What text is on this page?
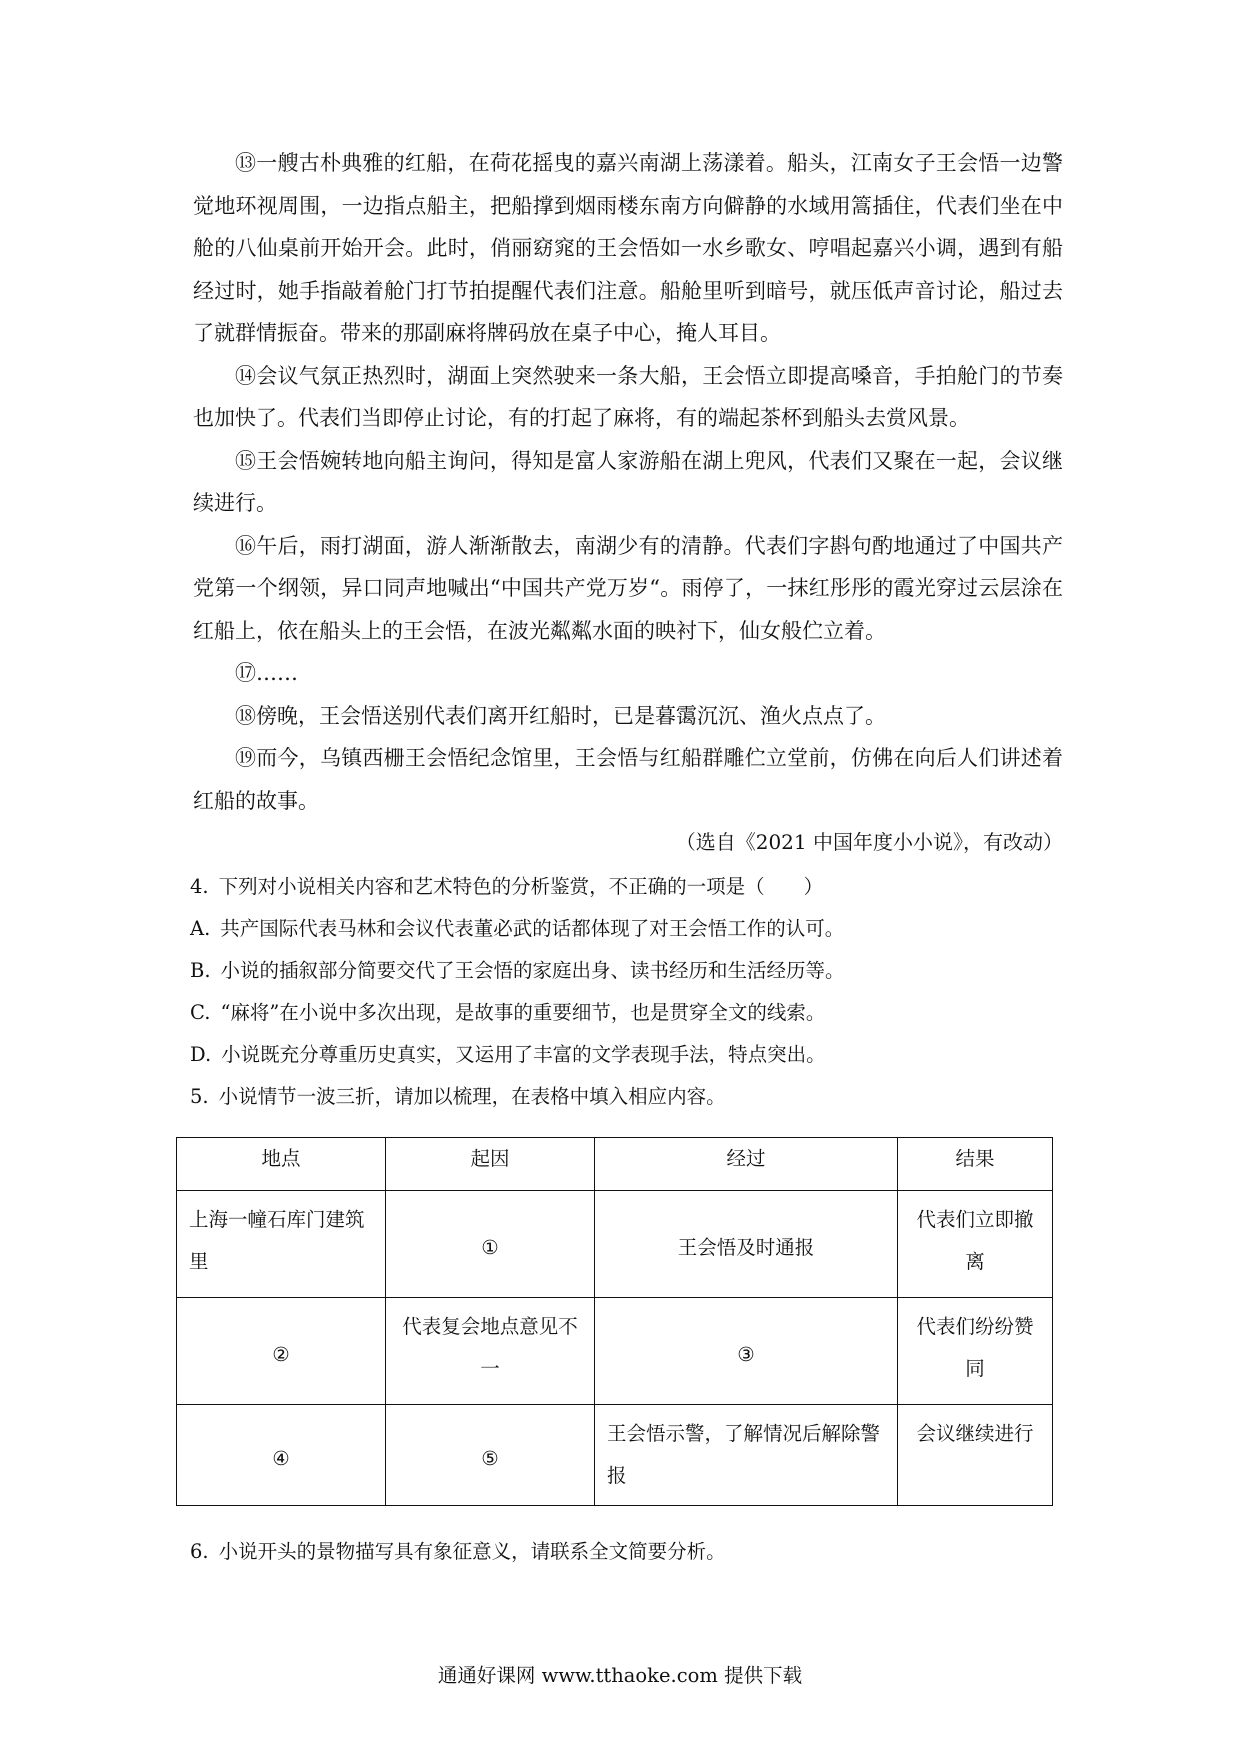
⑬一艘古朴典雅的红船，在荷花摇曳的嘉兴南湖上荡漾着。船头，江南女子王会悟一边警觉地环视周围，一边指点船主，把船撑到烟雨楼东南方向僻静的水域用篙插住，代表们坐在中舱的八仙桌前开始开会。此时，俏丽窈窕的王会悟如一水乡歌女、哼唱起嘉兴小调，遇到有船经过时，她手指敲着舱门打节拍提醒代表们注意。船舱里听到暗号，就压低声音讨论，船过去了就群情振奋。带来的那副麻将牌码放在桌子中心，掩人耳目。

⑭会议气氛正热烈时，湖面上突然驶来一条大船，王会悟立即提高嗓音，手拍舱门的节奏也加快了。代表们当即停止讨论，有的打起了麻将，有的端起茶杯到船头去赏风景。

⑮王会悟婉转地向船主询问，得知是富人家游船在湖上兜风，代表们又聚在一起，会议继续进行。

⑯午后，雨打湖面，游人渐渐散去，南湖少有的清静。代表们字斟句酌地通过了中国共产党第一个纲领，异口同声地喊出“中国共产党万岁“。雨停了，一抹红彤彤的霞光穿过云层涂在红船上，依在船头上的王会悟，在波光粼粼水面的映衬下，仙女般伫立着。

⑰……

⑱傍晚，王会悟送别代表们离开红船时，已是暮霭沉沉、渔火点点了。

⑲而今，乌镇西栅王会悟纪念馆里，王会悟与红船群雕伫立堂前，仿佛在向后人们讲述着红船的故事。

（选自《2021 中国年度小小说》，有改动）

4. 下列对小说相关内容和艺术特色的分析鉴赏，不正确的一项是（　　）

A. 共产国际代表马林和会议代表董必武的话都体现了对王会悟工作的认可。

B. 小说的插叙部分简要交代了王会悟的家庭出身、读书经历和生活经历等。

C. “麻将”在小说中多次出现，是故事的重要细节，也是贯穿全文的线索。

D. 小说既充分尊重历史真实，又运用了丰富的文学表现手法，特点突出。

5. 小说情节一波三折，请加以梳理，在表格中填入相应内容。

地点	起因	经过	结果
上海一幢石库门建筑里	①	王会悟及时通报	代表们立即撤离
②	代表复会地点意见不一	③	代表们纷纷赞同
④	⑤	王会悟示警，了解情况后解除警报	会议继续进行

6. 小说开头的景物描写具有象征意义，请联系全文简要分析。

通通好课网 www.tthaoke.com 提供下载
